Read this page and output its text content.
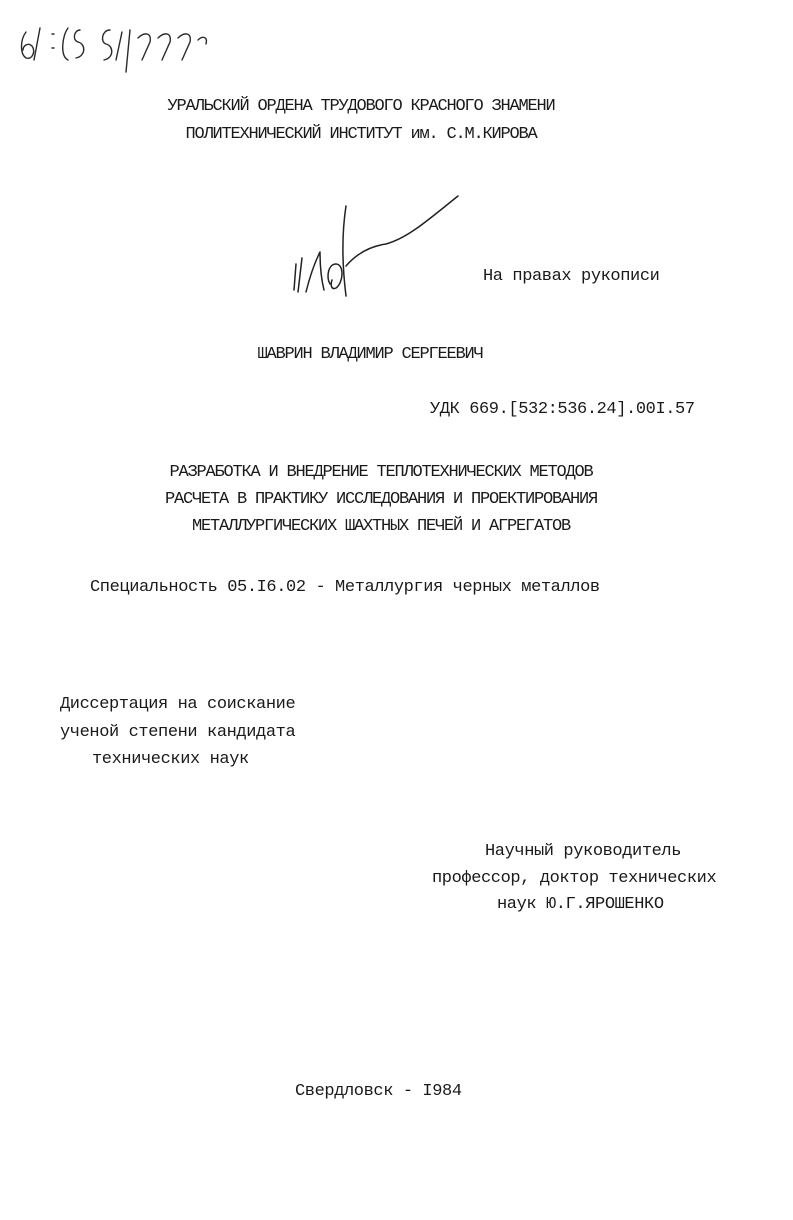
УРАЛЬСКИЙ ОРДЕНА ТРУДОВОГО КРАСНОГО ЗНАМЕНИ
ПОЛИТЕХНИЧЕСКИЙ ИНСТИТУТ им. С.М.КИРОВА
На правах рукописи
ШАВРИН ВЛАДИМИР СЕРГЕЕВИЧ
УДК 669.[532:536.24].00I.57
РАЗРАБОТКА И ВНЕДРЕНИЕ ТЕПЛОТЕХНИЧЕСКИХ МЕТОДОВ
РАСЧЕТА В ПРАКТИКУ ИССЛЕДОВАНИЯ И ПРОЕКТИРОВАНИЯ
МЕТАЛЛУРГИЧЕСКИХ ШАХТНЫХ ПЕЧЕЙ И АГРЕГАТОВ
Специальность 05.I6.02 - Металлургия черных металлов
Диссертация на соискание
ученой степени кандидата
технических наук
Научный руководитель
профессор, доктор технических
наук Ю.Г.ЯРОШЕНКО
Свердловск - I984
